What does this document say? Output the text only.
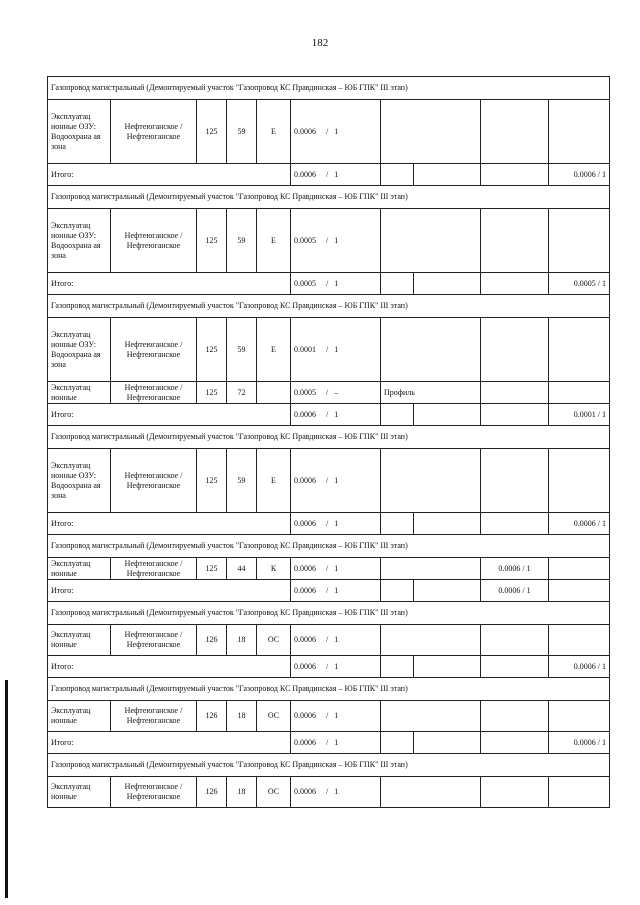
182
Газопровод магистральный (Демонтируемый участок "Газопровод КС Правдинская – ЮБ ГПК" III этап)										
Эксплуатац ионные ОЗУ: Водоохрана ая зона	Нефтеюганское / Нефтеюганское	125	59	Е	0.0006     /   1				
Итого:					0.0006     /   1				0.0006 / 1	
Газопровод магистральный (Демонтируемый участок "Газопровод КС Правдинская – ЮБ ГПК" III этап)										
Эксплуатац ионные ОЗУ: Водоохрана ая зона	Нефтеюганское / Нефтеюганское	125	59	Е	0.0005     /   1				
Итого:					0.0005     /   1				0.0005 / 1	
Газопровод магистральный (Демонтируемый участок "Газопровод КС Правдинская – ЮБ ГПК" III этап)										
Эксплуатац ионные ОЗУ: Водоохрана ая зона	Нефтеюганское / Нефтеюганское	125	59	Е	0.0001     /   1				
Эксплуатац ионные	Нефтеюганское / Нефтеюганское	125	72		0.0005     /   –	Профиль				
Итого:					0.0006     /   1				0.0001 / 1	
Газопровод магистральный (Демонтируемый участок "Газопровод КС Правдинская – ЮБ ГПК" III этап)										
Эксплуатац ионные ОЗУ: Водоохрана ая зона	Нефтеюганское / Нефтеюганское	125	59	Е	0.0006     /   1				
Итого:					0.0006     /   1				0.0006 / 1	
Газопровод магистральный (Демонтируемый участок "Газопровод КС Правдинская – ЮБ ГПК" III этап)										
Эксплуатац ионные	Нефтеюганское / Нефтеюганское	125	44	К	0.0006     /   1			0.0006 / 1		
Итого:					0.0006     /   1			0.0006 / 1		
Газопровод магистральный (Демонтируемый участок "Газопровод КС Правдинская – ЮБ ГПК" III этап)										
Эксплуатац ионные	Нефтеюганское / Нефтеюганское	126	18	ОС	0.0006     /   1				
Итого:					0.0006     /   1				0.0006 / 1	
Газопровод магистральный (Демонтируемый участок "Газопровод КС Правдинская – ЮБ ГПК" III этап)										
Эксплуатац ионные	Нефтеюганское / Нефтеюганское	126	18	ОС	0.0006     /   1				
Итого:					0.0006     /   1				0.0006 / 1	
Газопровод магистральный (Демонтируемый участок "Газопровод КС Правдинская – ЮБ ГПК" III этап)										
Эксплуатац ионные	Нефтеюганское / Нефтеюганское	126	18	ОС	0.0006     /   1				
